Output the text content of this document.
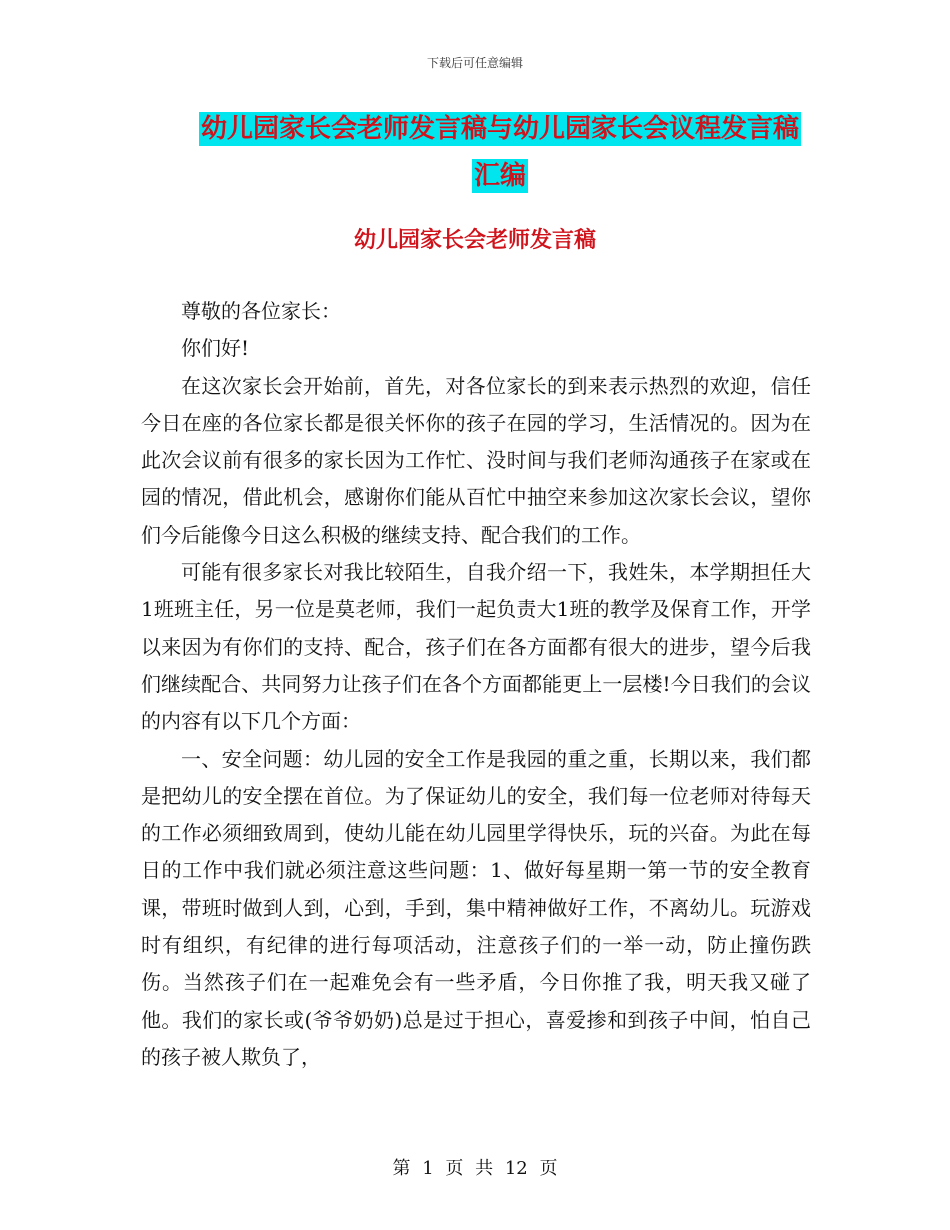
下载后可任意编辑
幼儿园家长会老师发言稿与幼儿园家长会议程发言稿
汇编
幼儿园家长会老师发言稿

尊敬的各位家长：

你们好!

在这次家长会开始前，首先，对各位家长的到来表示热烈的欢迎，信任今日在座的各位家长都是很关怀你的孩子在园的学习，生活情况的。因为在此次会议前有很多的家长因为工作忙、没时间与我们老师沟通孩子在家或在园的情况，借此机会，感谢你们能从百忙中抽空来参加这次家长会议，望你们今后能像今日这么积极的继续支持、配合我们的工作。

可能有很多家长对我比较陌生，自我介绍一下，我姓朱，本学期担任大1班班主任，另一位是莫老师，我们一起负责大1班的教学及保育工作，开学以来因为有你们的支持、配合，孩子们在各方面都有很大的进步，望今后我们继续配合、共同努力让孩子们在各个方面都能更上一层楼!今日我们的会议的内容有以下几个方面：

一、安全问题：幼儿园的安全工作是我园的重之重，长期以来，我们都是把幼儿的安全摆在首位。为了保证幼儿的安全，我们每一位老师对待每天的工作必须细致周到，使幼儿能在幼儿园里学得快乐，玩的兴奋。为此在每日的工作中我们就必须注意这些问题：1、做好每星期一第一节的安全教育课，带班时做到人到，心到，手到，集中精神做好工作，不离幼儿。玩游戏时有组织，有纪律的进行每项活动，注意孩子们的一举一动，防止撞伤跌伤。当然孩子们在一起难免会有一些矛盾，今日你推了我，明天我又碰了他。我们的家长或(爷爷奶奶)总是过于担心，喜爱掺和到孩子中间，怕自己的孩子被人欺负了，

第 1 页 共 12 页
